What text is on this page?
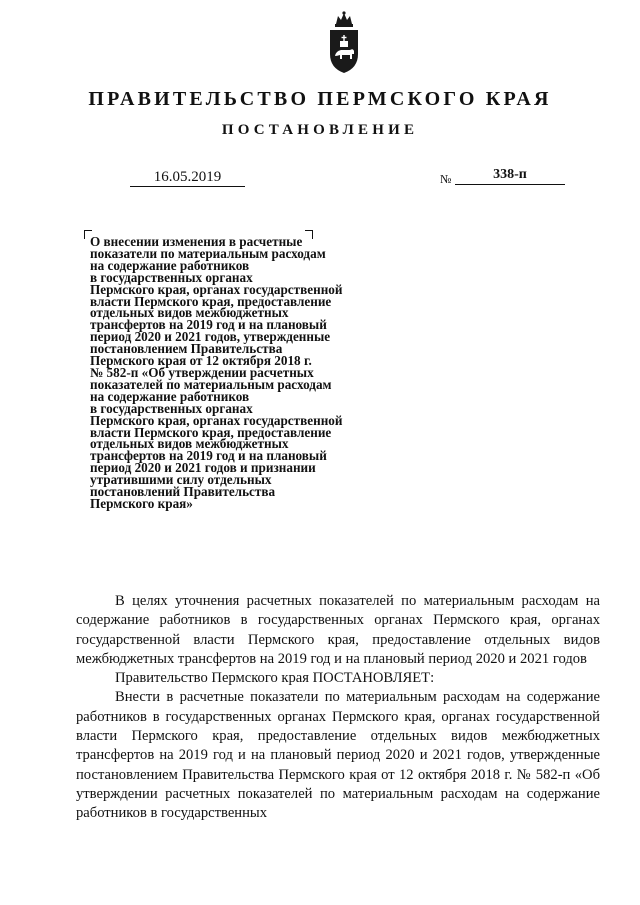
ПРАВИТЕЛЬСТВО ПЕРМСКОГО КРАЯ
ПОСТАНОВЛЕНИЕ
16.05.2019	№	338-п
О внесении изменения в расчетные
показатели по материальным расходам
на содержание работников
в государственных органах
Пермского края, органах государственной
власти Пермского края, предоставление
отдельных видов межбюджетных
трансфертов на 2019 год и на плановый
период 2020 и 2021 годов, утвержденные
постановлением Правительства
Пермского края от 12 октября 2018 г.
№ 582-п «Об утверждении расчетных
показателей по материальным расходам
на содержание работников
в государственных органах
Пермского края, органах государственной
власти Пермского края, предоставление
отдельных видов межбюджетных
трансфертов на 2019 год и на плановый
период 2020 и 2021 годов и признании
утратившими силу отдельных
постановлений Правительства
Пермского края»

В целях уточнения расчетных показателей по материальным расходам на содержание работников в государственных органах Пермского края, органах государственной власти Пермского края, предоставление отдельных видов межбюджетных трансфертов на 2019 год и на плановый период 2020 и 2021 годов

Правительство Пермского края ПОСТАНОВЛЯЕТ:

Внести в расчетные показатели по материальным расходам на содержание работников в государственных органах Пермского края, органах государственной власти Пермского края, предоставление отдельных видов межбюджетных трансфертов на 2019 год и на плановый период 2020 и 2021 годов, утвержденные постановлением Правительства Пермского края от 12 октября 2018 г. № 582-п «Об утверждении расчетных показателей по материальным расходам на содержание работников в государственных
